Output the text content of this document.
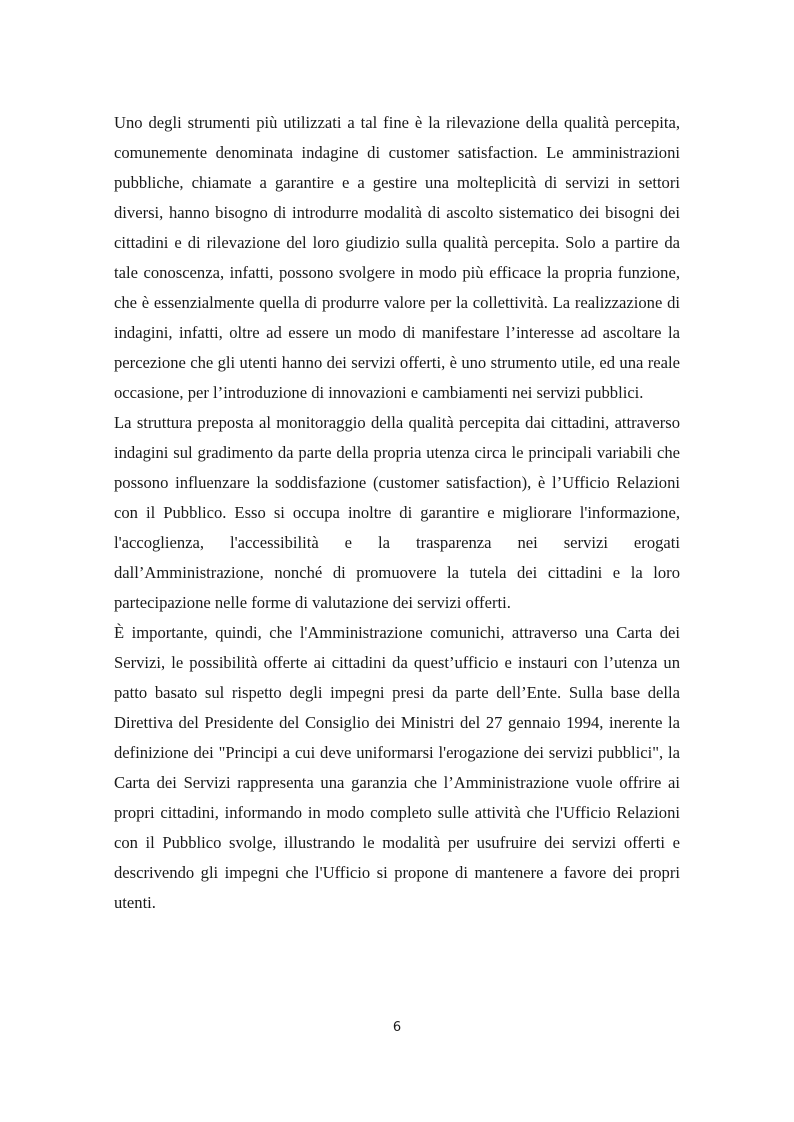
Uno degli strumenti più utilizzati a tal fine è la rilevazione della qualità percepita, comunemente denominata indagine di customer satisfaction. Le amministrazioni pubbliche, chiamate a garantire e a gestire una molteplicità di servizi in settori diversi, hanno bisogno di introdurre modalità di ascolto sistematico dei bisogni dei cittadini e di rilevazione del loro giudizio sulla qualità percepita. Solo a partire da tale conoscenza, infatti, possono svolgere in modo più efficace la propria funzione, che è essenzialmente quella di produrre valore per la collettività. La realizzazione di indagini, infatti, oltre ad essere un modo di manifestare l’interesse ad ascoltare la percezione che gli utenti hanno dei servizi offerti, è uno strumento utile, ed una reale occasione, per l’introduzione di innovazioni e cambiamenti nei servizi pubblici.

La struttura preposta al monitoraggio della qualità percepita dai cittadini, attraverso indagini sul gradimento da parte della propria utenza circa le principali variabili che possono influenzare la soddisfazione (customer satisfaction), è l’Ufficio Relazioni con il Pubblico. Esso si occupa inoltre di garantire e migliorare l'informazione, l'accoglienza, l'accessibilità e la trasparenza nei servizi erogati dall’Amministrazione, nonché di promuovere la tutela dei cittadini e la loro partecipazione nelle forme di valutazione dei servizi offerti.

È importante, quindi, che l'Amministrazione comunichi, attraverso una Carta dei Servizi, le possibilità offerte ai cittadini da quest’ufficio e instauri con l’utenza un patto basato sul rispetto degli impegni presi da parte dell’Ente. Sulla base della Direttiva del Presidente del Consiglio dei Ministri del 27 gennaio 1994, inerente la definizione dei "Principi a cui deve uniformarsi l'erogazione dei servizi pubblici", la Carta dei Servizi rappresenta una garanzia che l’Amministrazione vuole offrire ai propri cittadini, informando in modo completo sulle attività che l'Ufficio Relazioni con il Pubblico svolge, illustrando le modalità per usufruire dei servizi offerti e descrivendo gli impegni che l'Ufficio si propone di mantenere a favore dei propri utenti.

6
